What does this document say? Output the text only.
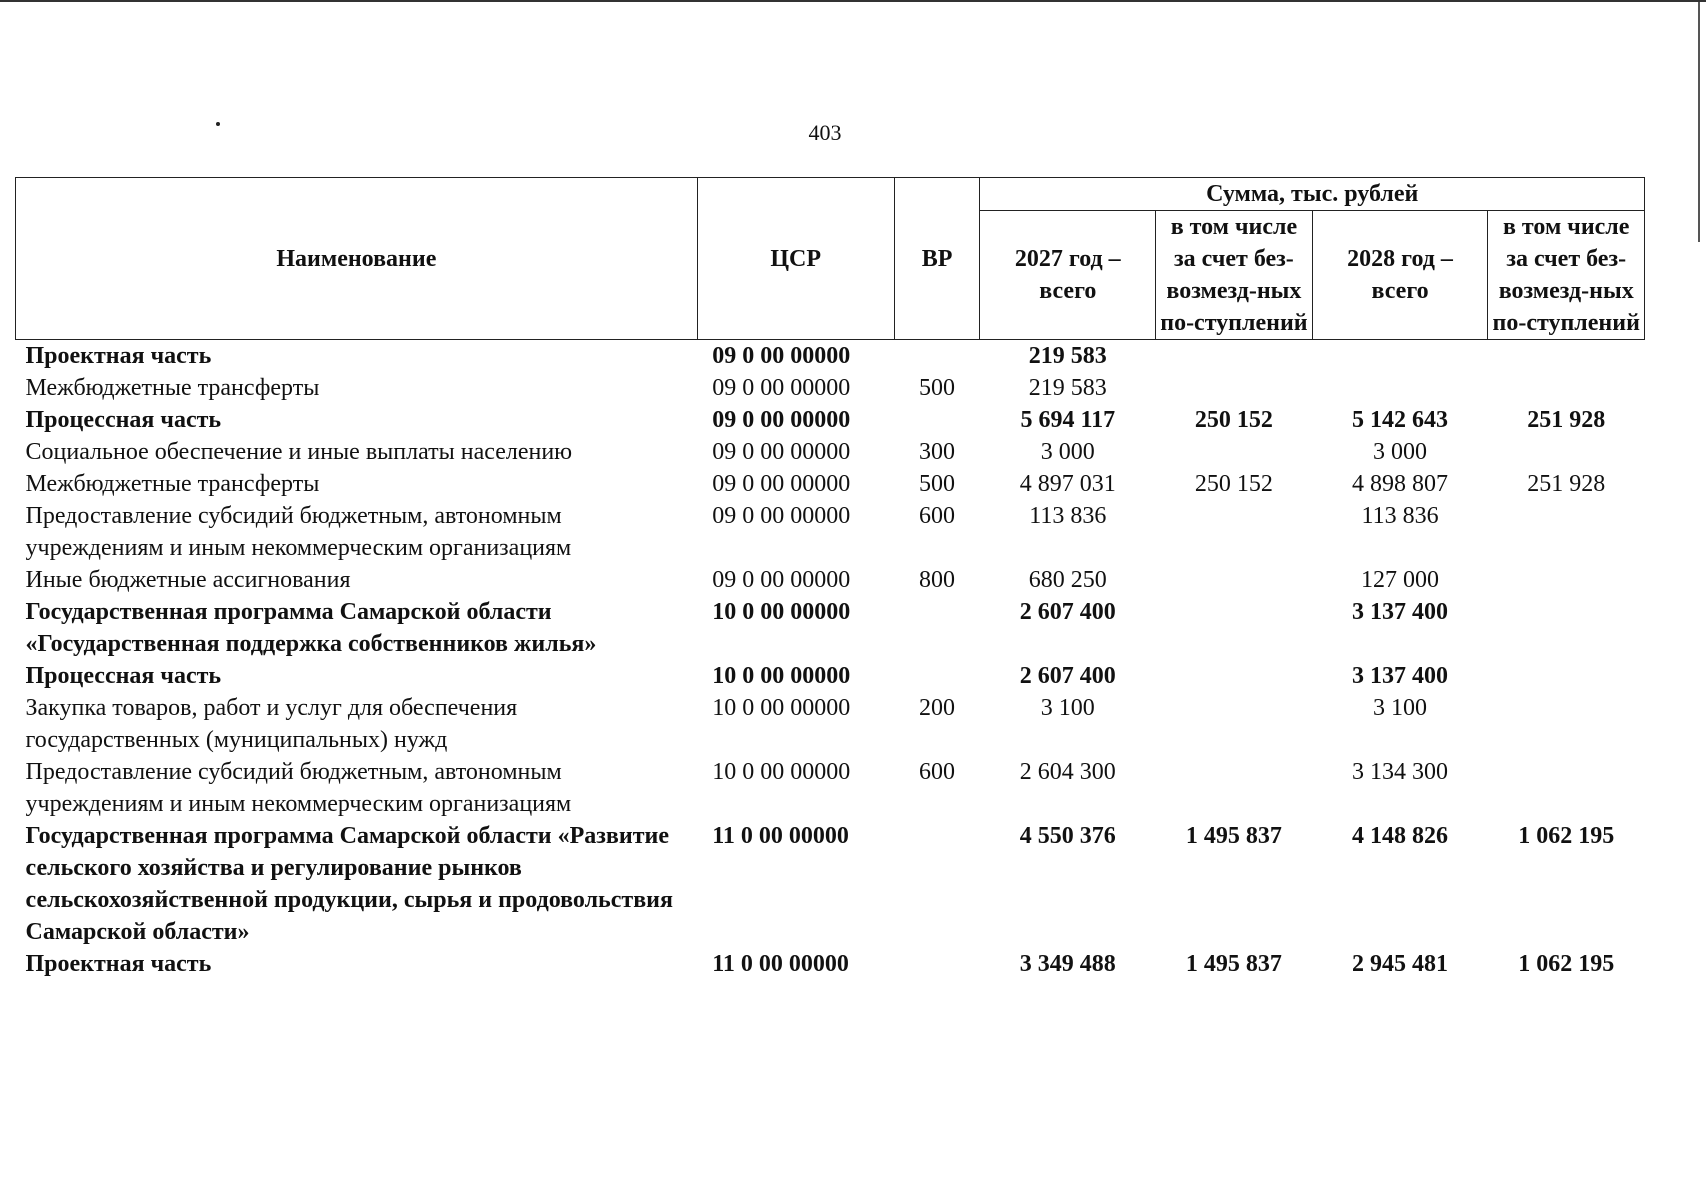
403
Наименование	ЦСР	ВР	Сумма, тыс. рублей			
			2027 год – всего	в том числе за счет без-возмезд-ных по-ступлений	2028 год – всего	в том числе за счет без-возмезд-ных по-ступлений
Проектная часть	09 0 00 00000		219 583			
Межбюджетные трансферты	09 0 00 00000	500	219 583			
Процессная часть	09 0 00 00000		5 694 117	250 152	5 142 643	251 928
Социальное обеспечение и иные выплаты населению	09 0 00 00000	300	3 000		3 000	
Межбюджетные трансферты	09 0 00 00000	500	4 897 031	250 152	4 898 807	251 928
Предоставление субсидий бюджетным, автономным учреждениям и иным некоммерческим организациям	09 0 00 00000	600	113 836		113 836	
Иные бюджетные ассигнования	09 0 00 00000	800	680 250		127 000	
Государственная программа Самарской области «Государственная поддержка собственников жилья»	10 0 00 00000		2 607 400		3 137 400	
Процессная часть	10 0 00 00000		2 607 400		3 137 400	
Закупка товаров, работ и услуг для обеспечения государственных (муниципальных) нужд	10 0 00 00000	200	3 100		3 100	
Предоставление субсидий бюджетным, автономным учреждениям и иным некоммерческим организациям	10 0 00 00000	600	2 604 300		3 134 300	
Государственная программа Самарской области «Развитие сельского хозяйства и регулирование рынков сельскохозяйственной продукции, сырья и продовольствия Самарской области»	11 0 00 00000		4 550 376	1 495 837	4 148 826	1 062 195
Проектная часть	11 0 00 00000		3 349 488	1 495 837	2 945 481	1 062 195
